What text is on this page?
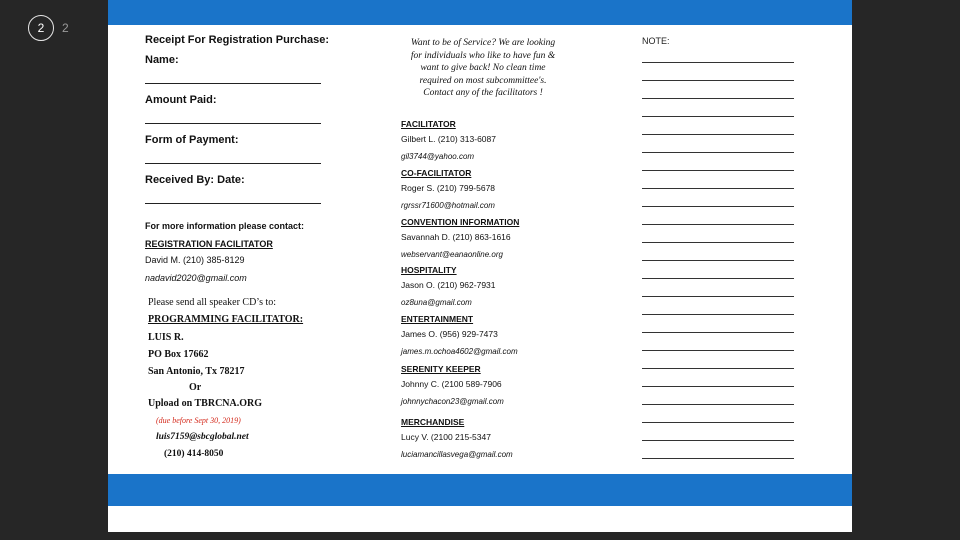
2	2
Receipt For Registration Purchase:
Name:
Amount Paid:
Form of Payment:
Received By: Date:
For more information please contact:
REGISTRATION FACILITATOR
David M. (210) 385-8129
nadavid2020@gmail.com
Please send all speaker CD’s to:
PROGRAMMING FACILITATOR:
LUIS R.
PO Box 17662
San Antonio, Tx 78217
Or
Upload on TBRCNA.ORG
(due before Sept 30, 2019)
luis7159@sbcglobal.net
(210) 414-8050
Want to be of Service? We are looking for individuals who like to have fun & want to give back! No clean time required on most subcommittee's. Contact any of the facilitators !
FACILITATOR
Gilbert L. (210) 313-6087
gil3744@yahoo.com
CO-FACILITATOR
Roger S. (210) 799-5678
rgrssr71600@hotmail.com
CONVENTION INFORMATION
Savannah D. (210) 863-1616
webservant@eanaonline.org
HOSPITALITY
Jason O. (210) 962-7931
oz8una@gmail.com
ENTERTAINMENT
James O. (956) 929-7473
james.m.ochoa4602@gmail.com
SERENITY KEEPER
Johnny C. (2100 589-7906
johnnychacon23@gmail.com
MERCHANDISE
Lucy V. (2100 215-5347
luciamancillasvega@gmail.com
NOTE:
